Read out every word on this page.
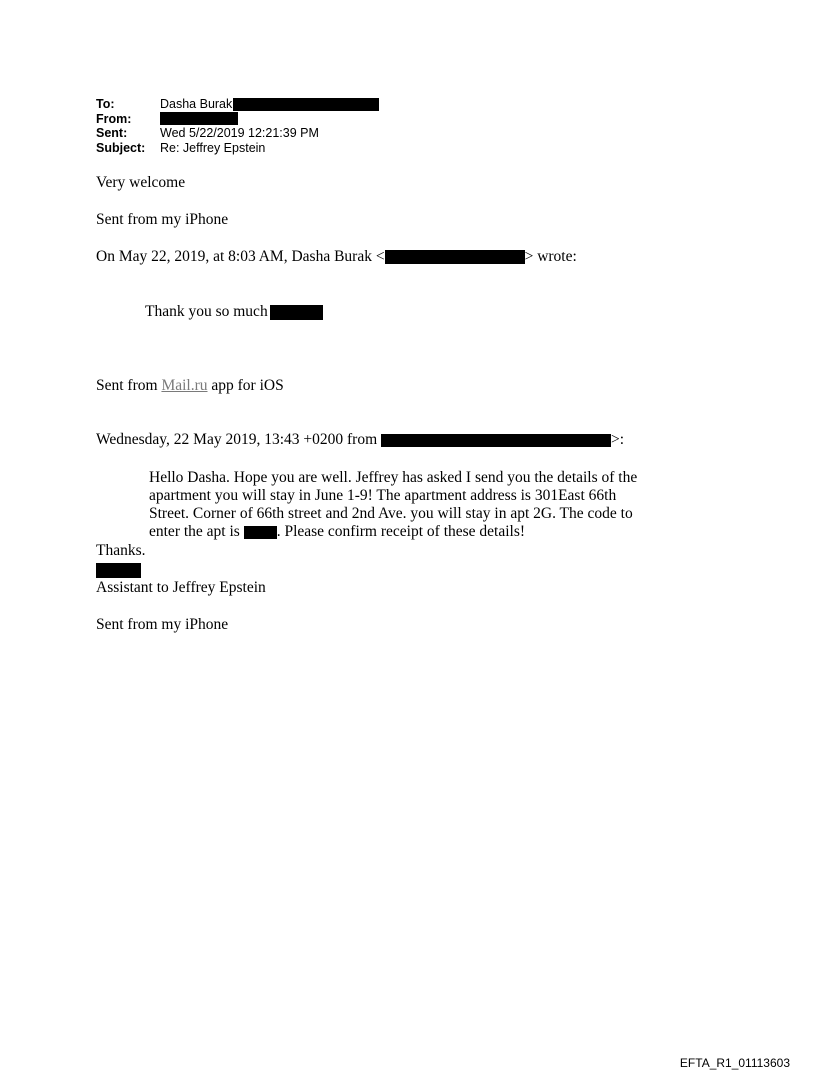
To:	Dasha Burak
From:
Sent:	Wed 5/22/2019 12:21:39 PM
Subject:	Re: Jeffrey Epstein
Very welcome
Sent from my iPhone
On May 22, 2019, at 8:03 AM, Dasha Burak <	> wrote:
Thank you so much
Sent from Mail.ru app for iOS
Wednesday, 22 May 2019, 13:43 +0200 from	>:
Hello Dasha. Hope you are well. Jeffrey has asked I send you the details of the
apartment you will stay in June 1-9! The apartment address is 301East 66th
Street. Corner of 66th street and 2nd Ave. you will stay in apt 2G. The code to
enter the apt is . Please confirm receipt of these details!
Thanks.
Assistant to Jeffrey Epstein
Sent from my iPhone
EFTA_R1_01113603
